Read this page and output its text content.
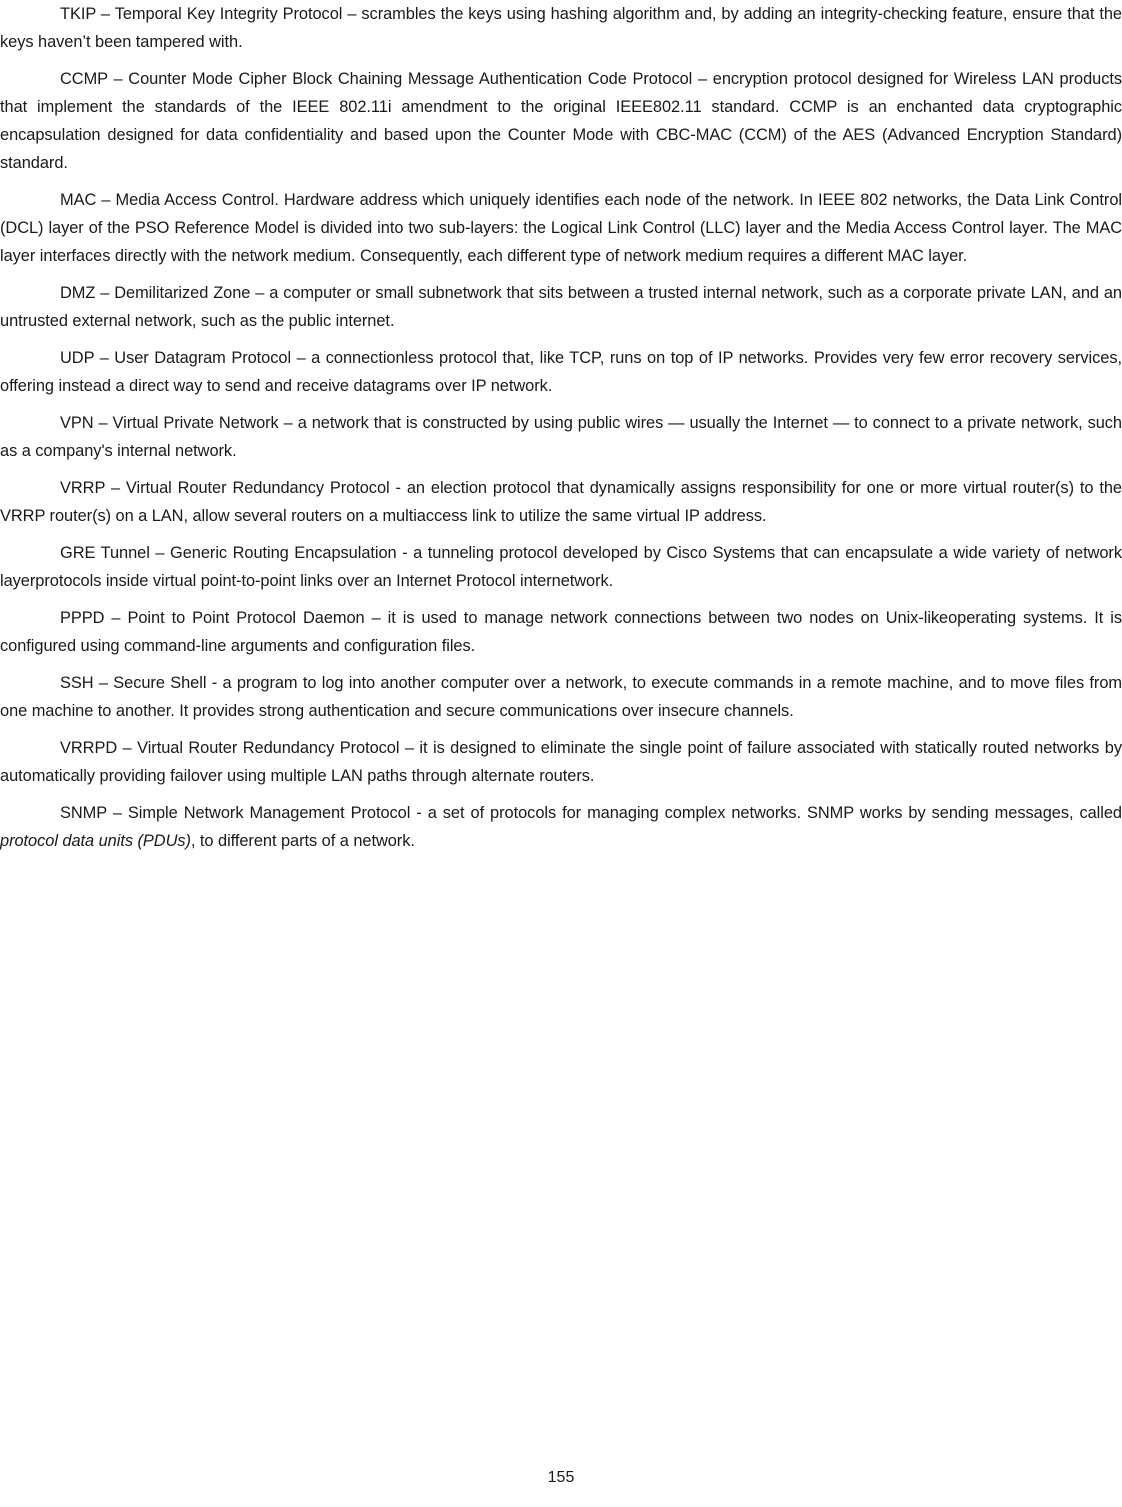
TKIP – Temporal Key Integrity Protocol – scrambles the keys using hashing algorithm and, by adding an integrity-checking feature, ensure that the keys haven’t been tampered with.

CCMP – Counter Mode Cipher Block Chaining Message Authentication Code Protocol – encryption protocol designed for Wireless LAN products that implement the standards of the IEEE 802.11i amendment to the original IEEE802.11 standard. CCMP is an enchanted data cryptographic encapsulation designed for data confidentiality and based upon the Counter Mode with CBC-MAC (CCM) of the AES (Advanced Encryption Standard) standard.

MAC – Media Access Control. Hardware address which uniquely identifies each node of the network. In IEEE 802 networks, the Data Link Control (DCL) layer of the PSO Reference Model is divided into two sub-layers: the Logical Link Control (LLC) layer and the Media Access Control layer. The MAC layer interfaces directly with the network medium. Consequently, each different type of network medium requires a different MAC layer.

DMZ – Demilitarized Zone – a computer or small subnetwork that sits between a trusted internal network, such as a corporate private LAN, and an untrusted external network, such as the public internet.

UDP – User Datagram Protocol – a connectionless protocol that, like TCP, runs on top of IP networks. Provides very few error recovery services, offering instead a direct way to send and receive datagrams over IP network.

VPN – Virtual Private Network – a network that is constructed by using public wires — usually the Internet — to connect to a private network, such as a company's internal network.

VRRP – Virtual Router Redundancy Protocol - an election protocol that dynamically assigns responsibility for one or more virtual router(s) to the VRRP router(s) on a LAN, allow several routers on a multiaccess link to utilize the same virtual IP address.

GRE Tunnel – Generic Routing Encapsulation - a tunneling protocol developed by Cisco Systems that can encapsulate a wide variety of network layerprotocols inside virtual point-to-point links over an Internet Protocol internetwork.

PPPD – Point to Point Protocol Daemon – it is used to manage network connections between two nodes on Unix-likeoperating systems. It is configured using command-line arguments and configuration files.

SSH – Secure Shell - a program to log into another computer over a network, to execute commands in a remote machine, and to move files from one machine to another. It provides strong authentication and secure communications over insecure channels.

VRRPD – Virtual Router Redundancy Protocol – it is designed to eliminate the single point of failure associated with statically routed networks by automatically providing failover using multiple LAN paths through alternate routers.

SNMP – Simple Network Management Protocol - a set of protocols for managing complex networks. SNMP works by sending messages, called protocol data units (PDUs), to different parts of a network.

155
